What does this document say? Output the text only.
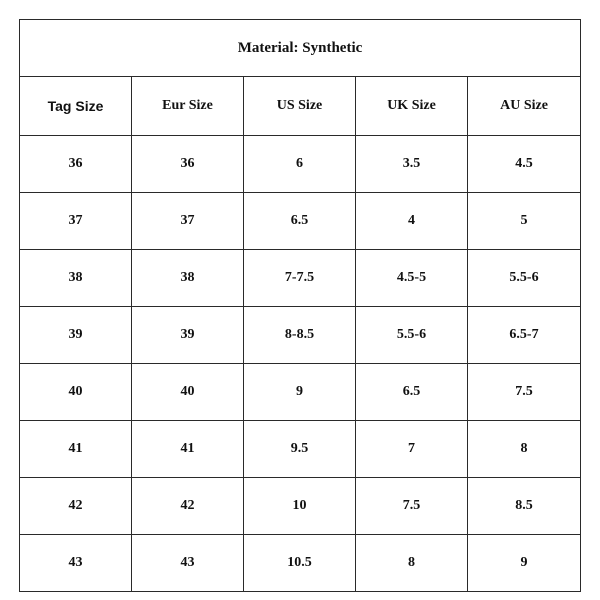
Material: Synthetic				
Tag Size	Eur Size	US Size	UK Size	AU Size
36	36	6	3.5	4.5
37	37	6.5	4	5
38	38	7-7.5	4.5-5	5.5-6
39	39	8-8.5	5.5-6	6.5-7
40	40	9	6.5	7.5
41	41	9.5	7	8
42	42	10	7.5	8.5
43	43	10.5	8	9
